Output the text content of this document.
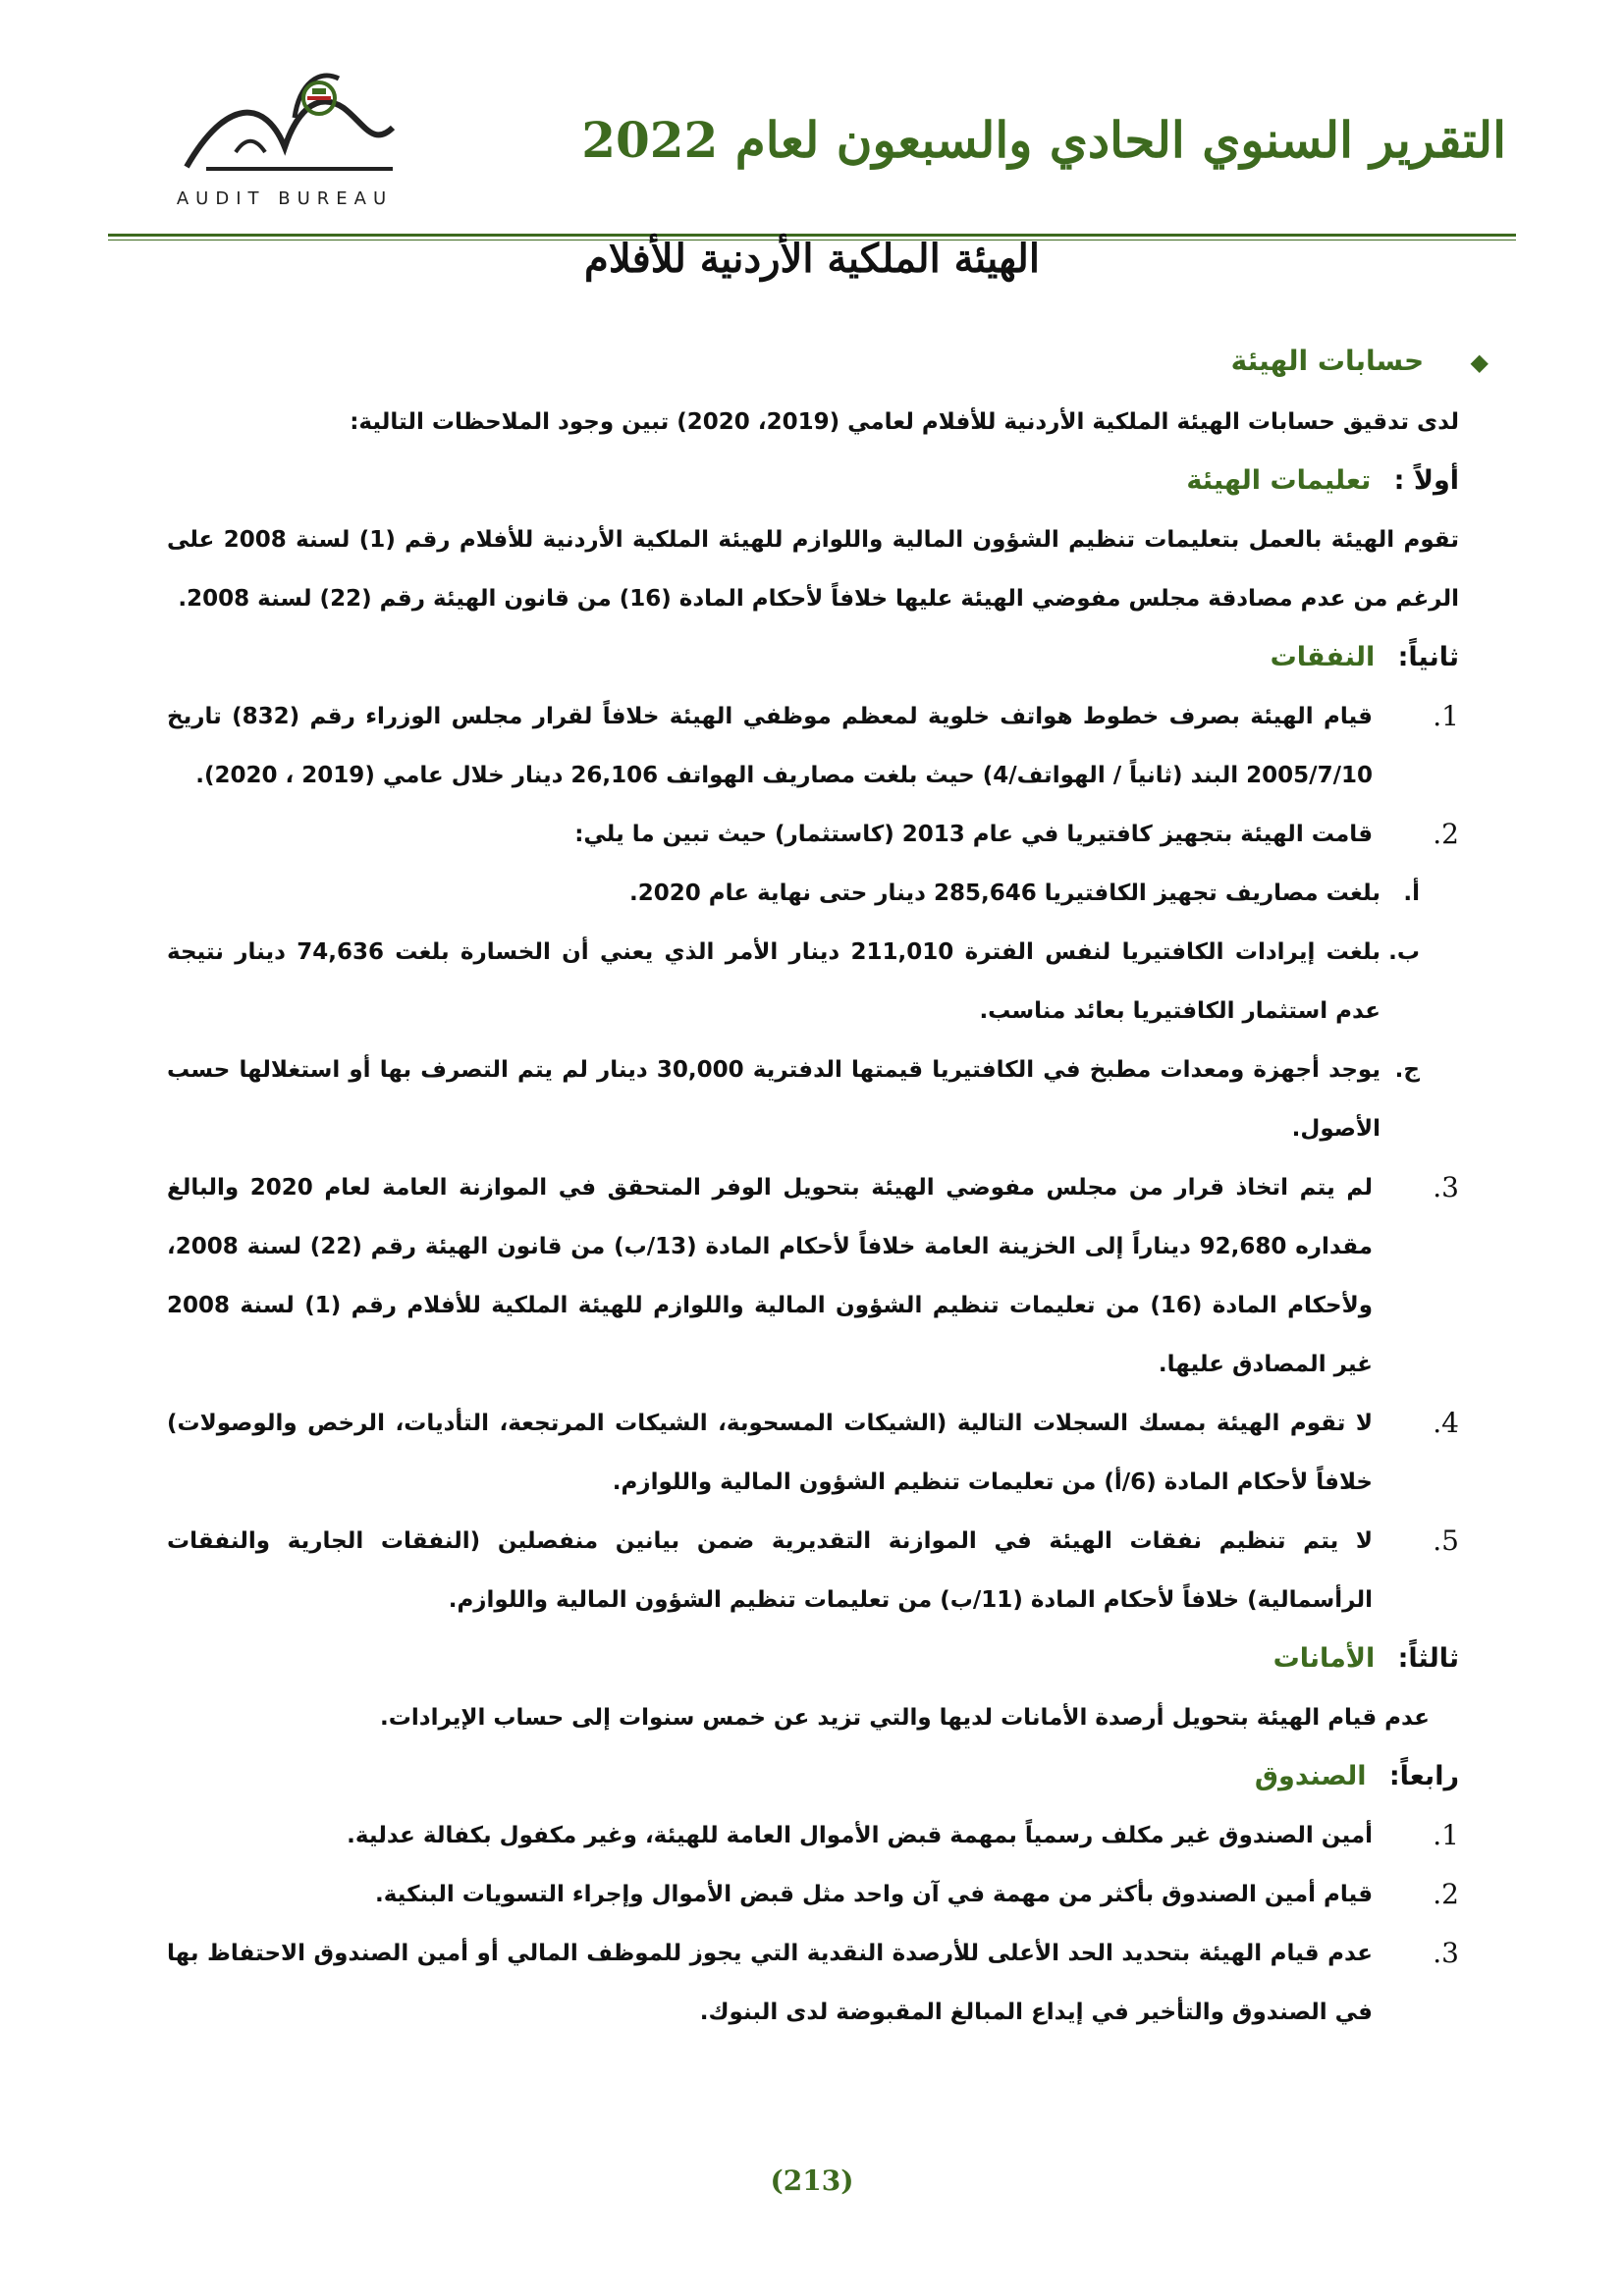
التقرير السنوي الحادي والسبعون لعام 2022
AUDIT BUREAU
الهيئة الملكية الأردنية للأفلام
◆ حسابات الهيئة
لدى تدقيق حسابات الهيئة الملكية الأردنية للأفلام لعامي (2019، 2020) تبين وجود الملاحظات التالية:
أولاً : تعليمات الهيئة
تقوم الهيئة بالعمل بتعليمات تنظيم الشؤون المالية واللوازم للهيئة الملكية الأردنية للأفلام رقم (1) لسنة 2008 على الرغم من عدم مصادقة مجلس مفوضي الهيئة عليها خلافاً لأحكام المادة (16) من قانون الهيئة رقم (22) لسنة 2008.
ثانياً: النفقات
1.
قيام الهيئة بصرف خطوط هواتف خلوية لمعظم موظفي الهيئة خلافاً لقرار مجلس الوزراء رقم (832) تاريخ 2005/7/10 البند (ثانياً / الهواتف/4) حيث بلغت مصاريف الهواتف 26,106 دينار خلال عامي (2019 ، 2020).
2.
قامت الهيئة بتجهيز كافتيريا في عام 2013 (كاستثمار) حيث تبين ما يلي:
أ.
بلغت مصاريف تجهيز الكافتيريا 285,646 دينار حتى نهاية عام 2020.
ب.
بلغت إيرادات الكافتيريا لنفس الفترة 211,010 دينار الأمر الذي يعني أن الخسارة بلغت 74,636 دينار نتيجة عدم استثمار الكافتيريا بعائد مناسب.
ج.
يوجد أجهزة ومعدات مطبخ في الكافتيريا قيمتها الدفترية 30,000 دينار لم يتم التصرف بها أو استغلالها حسب الأصول.
3.
لم يتم اتخاذ قرار من مجلس مفوضي الهيئة بتحويل الوفر المتحقق في الموازنة العامة لعام 2020 والبالغ مقداره 92,680 ديناراً إلى الخزينة العامة خلافاً لأحكام المادة (13/ب) من قانون الهيئة رقم (22) لسنة 2008، ولأحكام المادة (16) من تعليمات تنظيم الشؤون المالية واللوازم للهيئة الملكية للأفلام رقم (1) لسنة 2008 غير المصادق عليها.
4.
لا تقوم الهيئة بمسك السجلات التالية (الشيكات المسحوبة، الشيكات المرتجعة، التأديات، الرخص والوصولات) خلافاً لأحكام المادة (6/أ) من تعليمات تنظيم الشؤون المالية واللوازم.
5.
لا يتم تنظيم نفقات الهيئة في الموازنة التقديرية ضمن بيانين منفصلين (النفقات الجارية والنفقات الرأسمالية) خلافاً لأحكام المادة (11/ب) من تعليمات تنظيم الشؤون المالية واللوازم.
ثالثاً: الأمانات
عدم قيام الهيئة بتحويل أرصدة الأمانات لديها والتي تزيد عن خمس سنوات إلى حساب الإيرادات.
رابعاً: الصندوق
1.
أمين الصندوق غير مكلف رسمياً بمهمة قبض الأموال العامة للهيئة، وغير مكفول بكفالة عدلية.
2.
قيام أمين الصندوق بأكثر من مهمة في آن واحد مثل قبض الأموال وإجراء التسويات البنكية.
3.
عدم قيام الهيئة بتحديد الحد الأعلى للأرصدة النقدية التي يجوز للموظف المالي أو أمين الصندوق الاحتفاظ بها في الصندوق والتأخير في إيداع المبالغ المقبوضة لدى البنوك.
(213)
